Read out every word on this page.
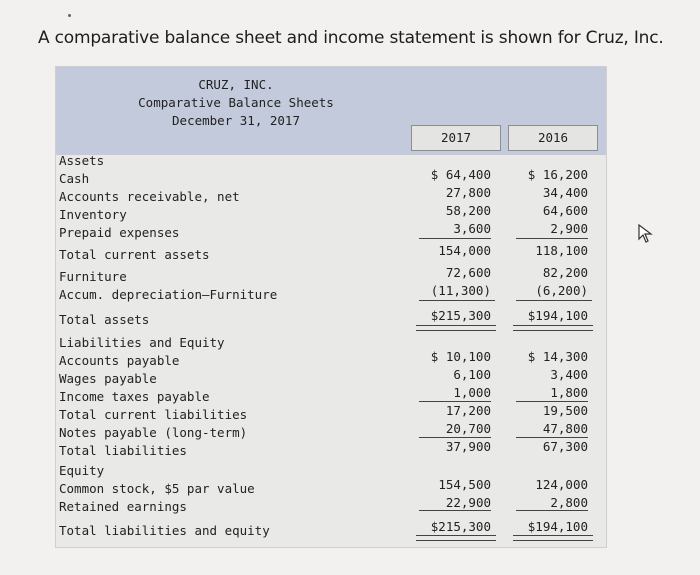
A comparative balance sheet and income statement is shown for Cruz, Inc.
CRUZ, INC.
Comparative Balance Sheets
December 31, 2017
2017	2016
Assets
Cash	$ 64,400	$ 16,200
Accounts receivable, net	27,800	34,400
Inventory	58,200	64,600
Prepaid expenses	3,600	2,900
Total current assets	154,000	118,100
Furniture	72,600	82,200
Accum. depreciation–Furniture	(11,300)	(6,200)
Total assets	$215,300	$194,100
Liabilities and Equity
Accounts payable	$ 10,100	$ 14,300
Wages payable	6,100	3,400
Income taxes payable	1,000	1,800
Total current liabilities	17,200	19,500
Notes payable (long-term)	20,700	47,800
Total liabilities	37,900	67,300
Equity
Common stock, $5 par value	154,500	124,000
Retained earnings	22,900	2,800
Total liabilities and equity	$215,300	$194,100
